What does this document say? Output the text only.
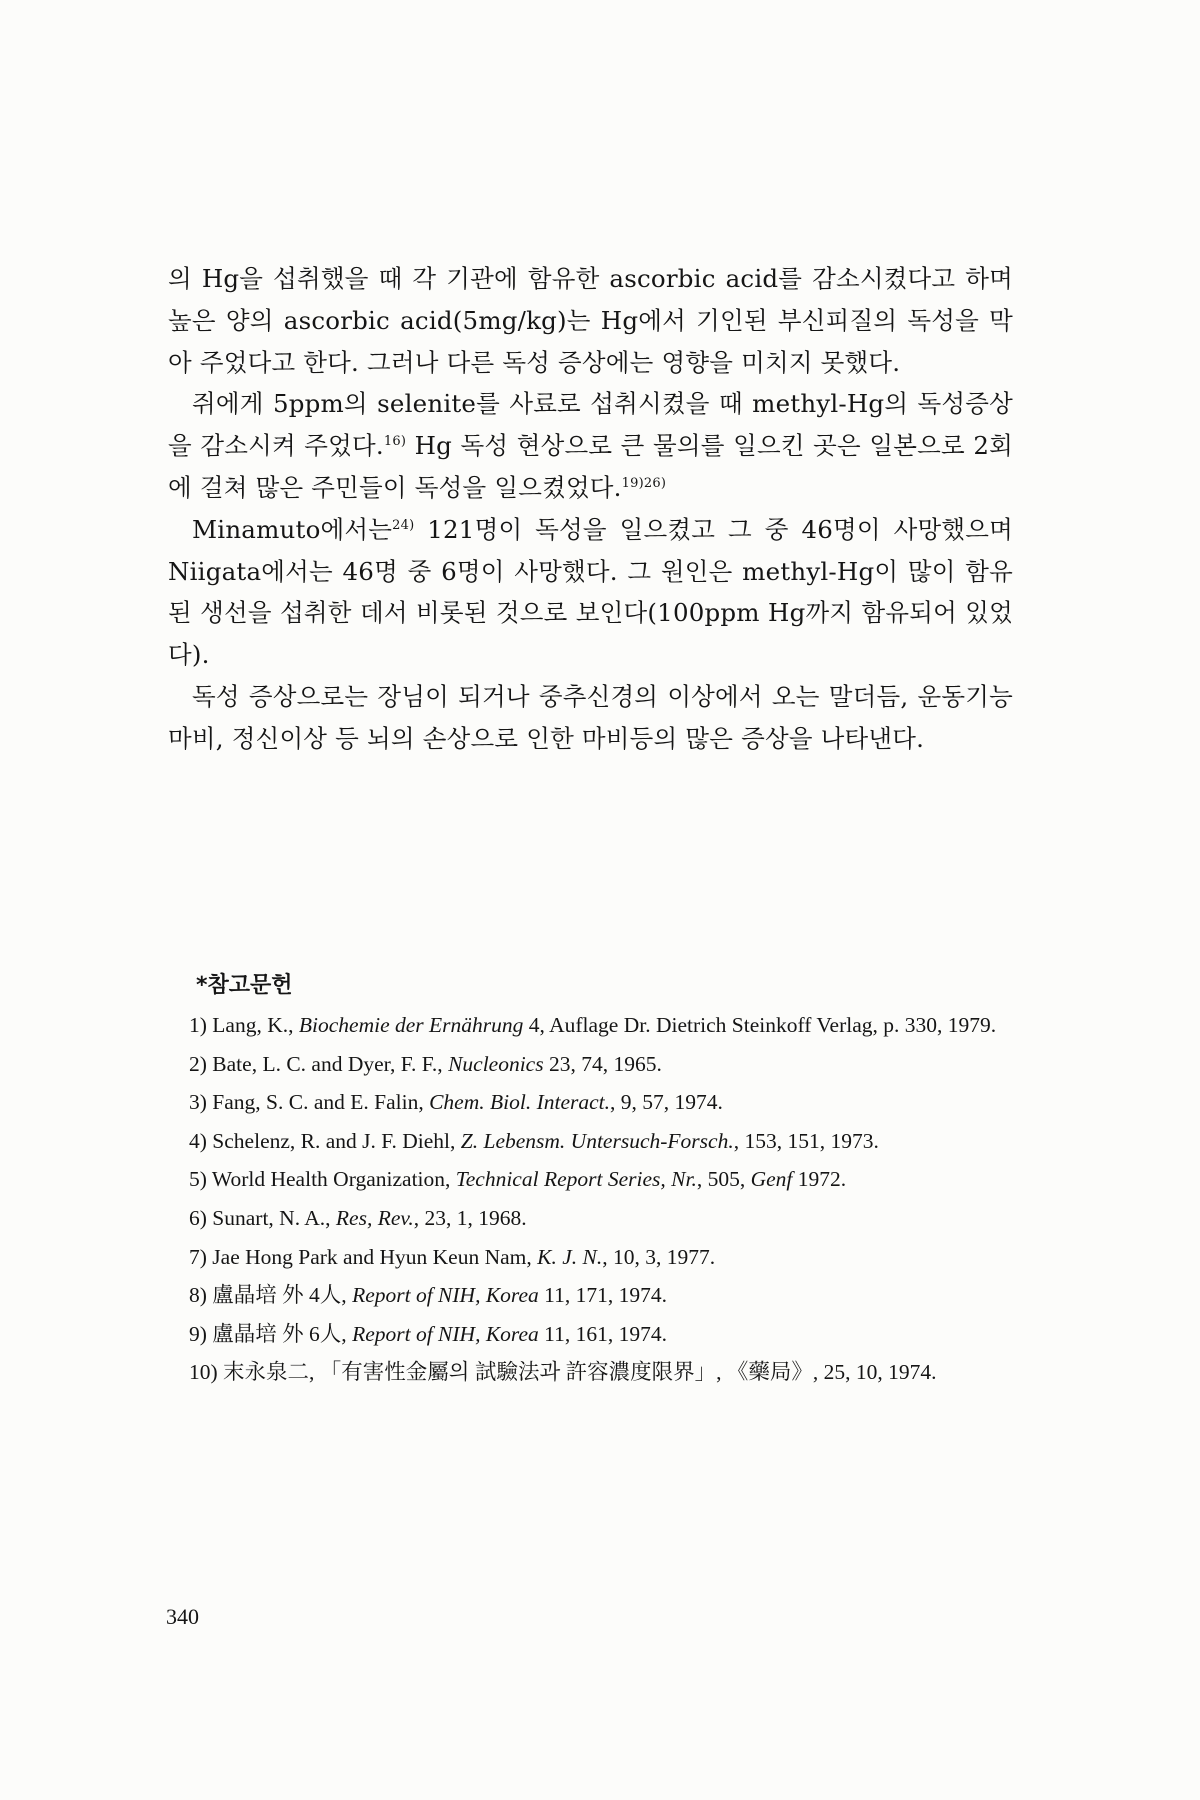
의 Hg을 섭취했을 때 각 기관에 함유한 ascorbic acid를 감소시켰다고 하며 높은 양의 ascorbic acid(5mg/kg)는 Hg에서 기인된 부신피질의 독성을 막아 주었다고 한다. 그러나 다른 독성 증상에는 영향을 미치지 못했다.

쥐에게 5ppm의 selenite를 사료로 섭취시켰을 때 methyl-Hg의 독성증상을 감소시켜 주었다.$^{16)}$ Hg 독성 현상으로 큰 물의를 일으킨 곳은 일본으로 2회에 걸쳐 많은 주민들이 독성을 일으켰었다.$^{19)26)}$

Minamuto에서는$^{24)}$ 121명이 독성을 일으켰고 그 중 46명이 사망했으며 Niigata에서는 46명 중 6명이 사망했다. 그 원인은 methyl-Hg이 많이 함유된 생선을 섭취한 데서 비롯된 것으로 보인다(100ppm Hg까지 함유되어 있었다).

독성 증상으로는 장님이 되거나 중추신경의 이상에서 오는 말더듬, 운동기능마비, 정신이상 등 뇌의 손상으로 인한 마비등의 많은 증상을 나타낸다.

*참고문헌

1) Lang, K., Biochemie der Ernährung 4, Auflage Dr. Dietrich Steinkoff Verlag, p. 330, 1979.

2) Bate, L. C. and Dyer, F. F., Nucleonics 23, 74, 1965.

3) Fang, S. C. and E. Falin, Chem. Biol. Interact., 9, 57, 1974.

4) Schelenz, R. and J. F. Diehl, Z. Lebensm. Untersuch-Forsch., 153, 151, 1973.

5) World Health Organization, Technical Report Series, Nr., 505, Genf 1972.

6) Sunart, N. A., Res, Rev., 23, 1, 1968.

7) Jae Hong Park and Hyun Keun Nam, K. J. N., 10, 3, 1977.

8) 盧晶培 外 4人, Report of NIH, Korea 11, 171, 1974.

9) 盧晶培 外 6人, Report of NIH, Korea 11, 161, 1974.

10) 末永泉二, 「有害性金屬의 試驗法과 許容濃度限界」, 《藥局》, 25, 10, 1974.

340
